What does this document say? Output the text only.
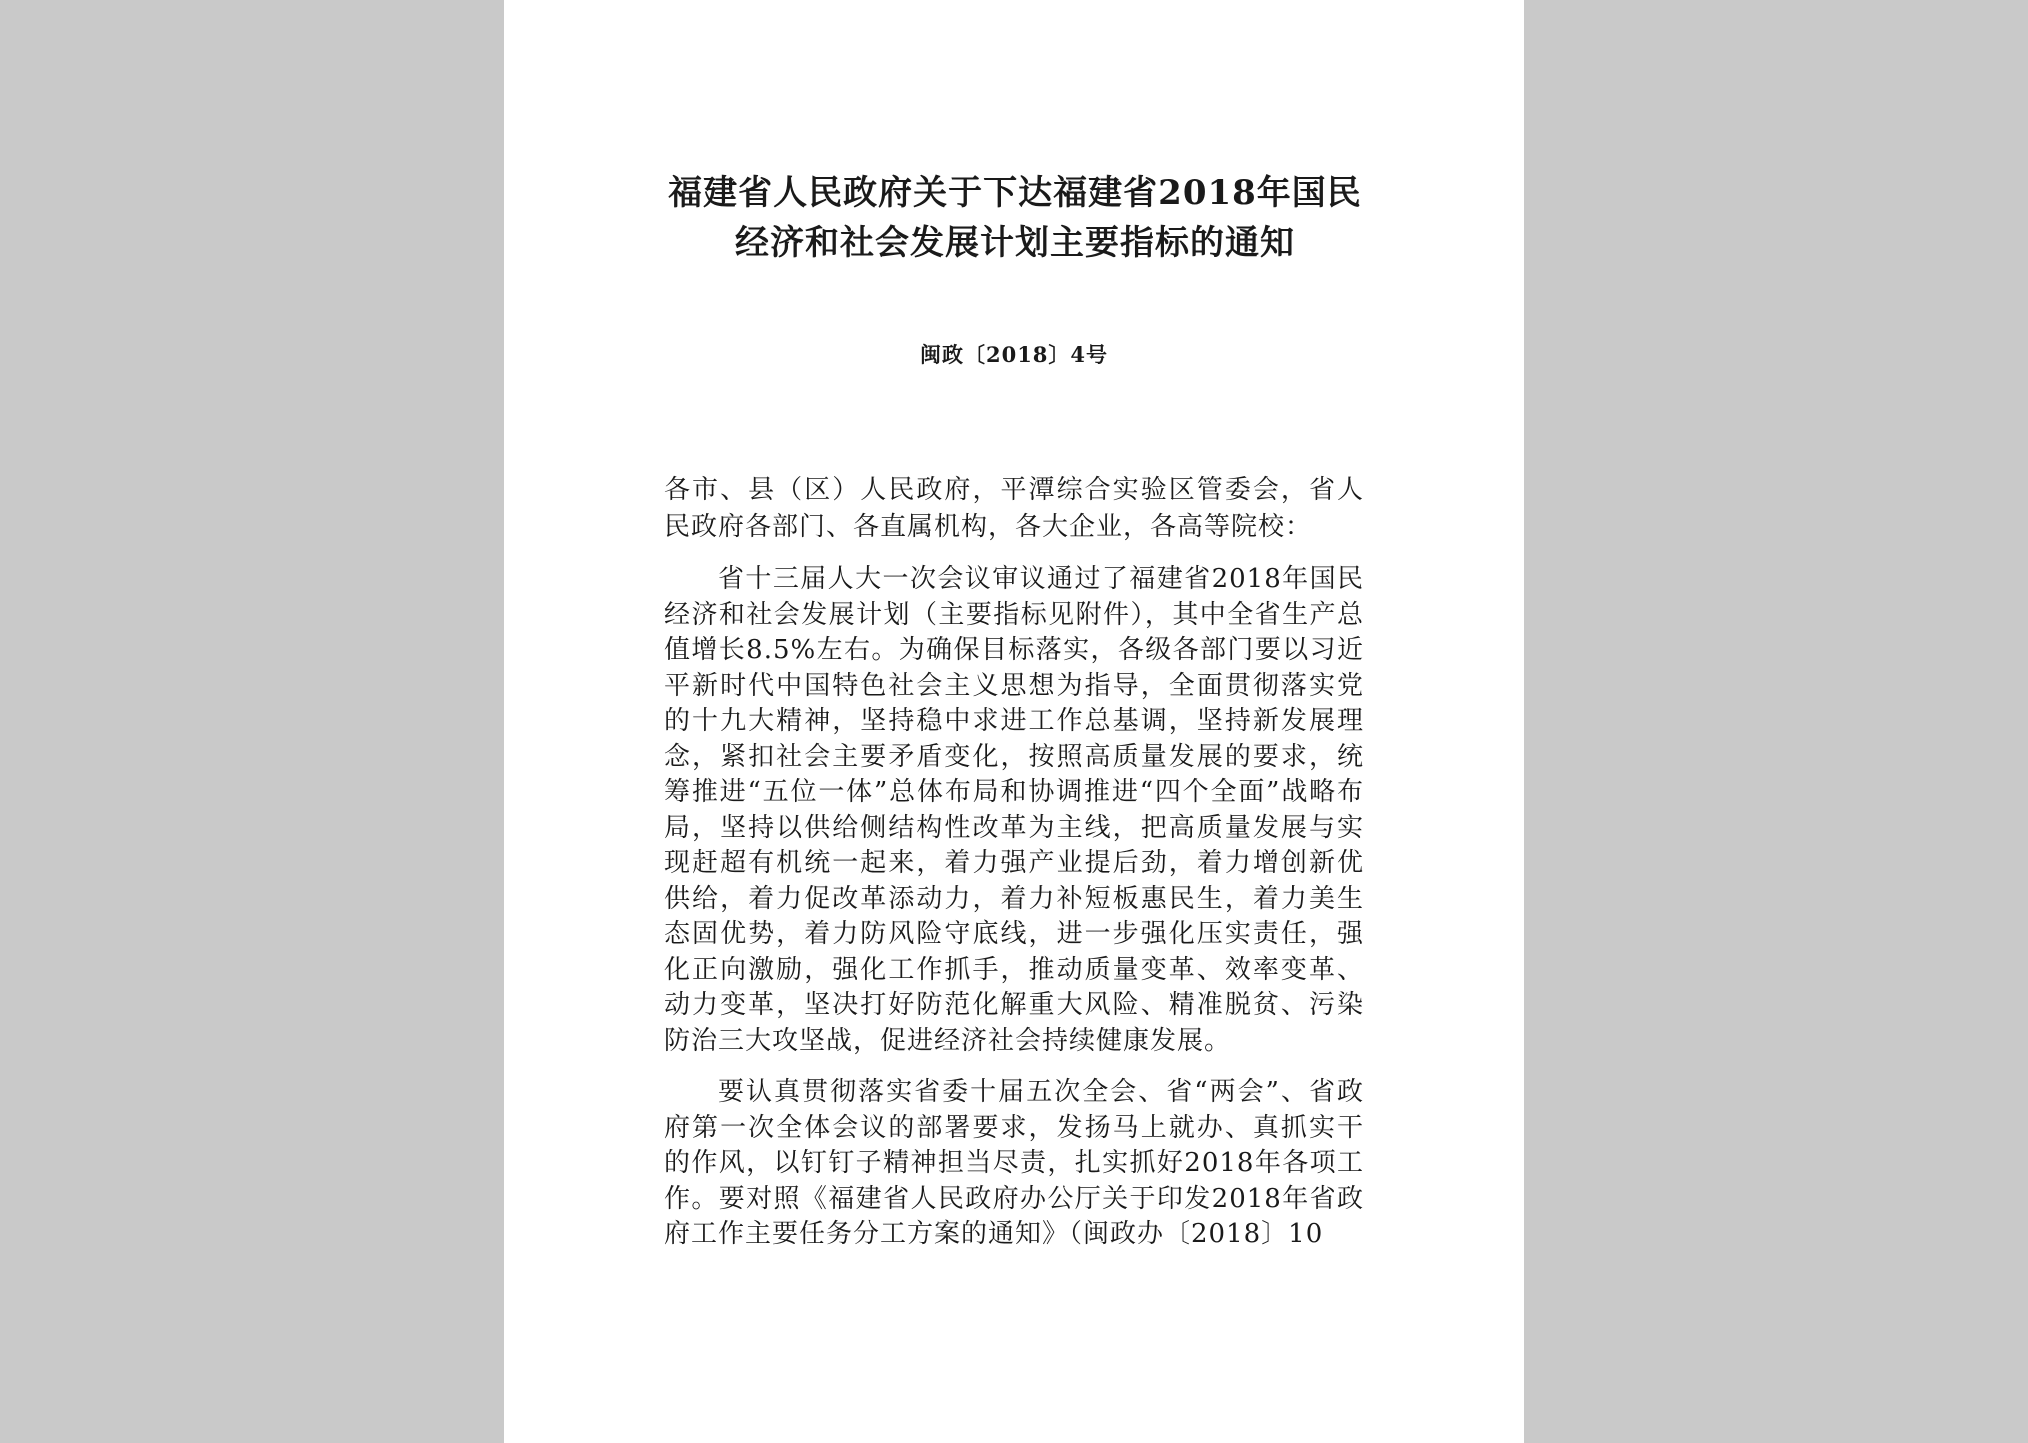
福建省人民政府关于下达福建省2018年国民经济和社会发展计划主要指标的通知
闽政〔2018〕4号
各市、县（区）人民政府，平潭综合实验区管委会，省人民政府各部门、各直属机构，各大企业，各高等院校：
省十三届人大一次会议审议通过了福建省2018年国民经济和社会发展计划（主要指标见附件），其中全省生产总值增长8.5%左右。为确保目标落实，各级各部门要以习近平新时代中国特色社会主义思想为指导，全面贯彻落实党的十九大精神，坚持稳中求进工作总基调，坚持新发展理念，紧扣社会主要矛盾变化，按照高质量发展的要求，统筹推进“五位一体”总体布局和协调推进“四个全面”战略布局，坚持以供给侧结构性改革为主线，把高质量发展与实现赶超有机统一起来，着力强产业提后劲，着力增创新优供给，着力促改革添动力，着力补短板惠民生，着力美生态固优势，着力防风险守底线，进一步强化压实责任，强化正向激励，强化工作抓手，推动质量变革、效率变革、动力变革，坚决打好防范化解重大风险、精准脱贫、污染防治三大攻坚战，促进经济社会持续健康发展。
要认真贯彻落实省委十届五次全会、省“两会”、省政府第一次全体会议的部署要求，发扬马上就办、真抓实干的作风，以钉钉子精神担当尽责，扎实抓好2018年各项工作。要对照《福建省人民政府办公厅关于印发2018年省政府工作主要任务分工方案的通知》（闽政办〔2018〕10
